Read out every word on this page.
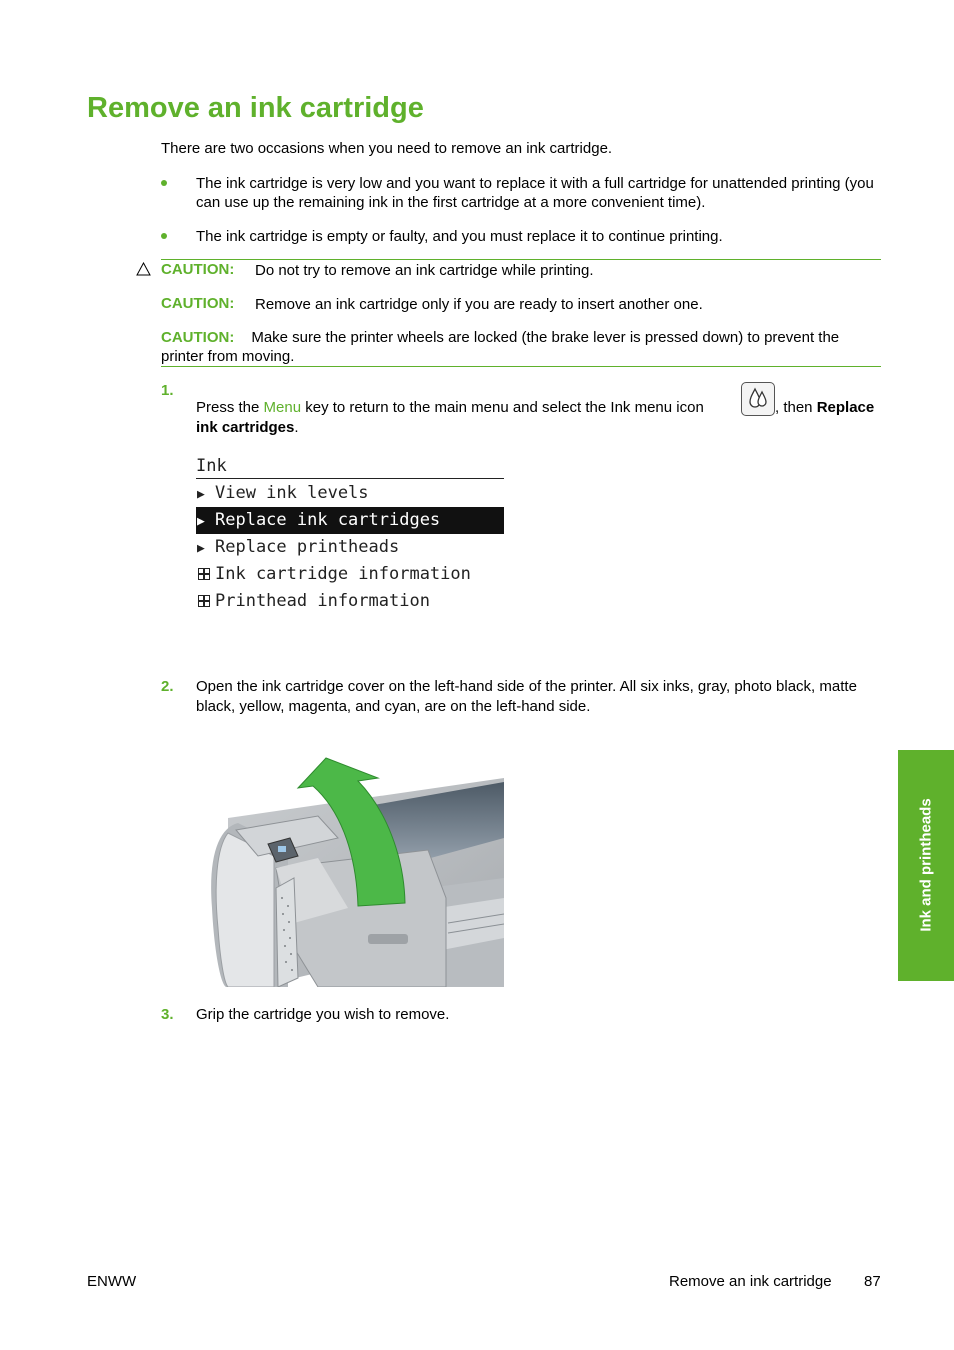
Remove an ink cartridge
There are two occasions when you need to remove an ink cartridge.
The ink cartridge is very low and you want to replace it with a full cartridge for unattended printing (you can use up the remaining ink in the first cartridge at a more convenient time).
The ink cartridge is empty or faulty, and you must replace it to continue printing.
CAUTION: Do not try to remove an ink cartridge while printing.
CAUTION: Remove an ink cartridge only if you are ready to insert another one.
CAUTION: Make sure the printer wheels are locked (the brake lever is pressed down) to prevent the printer from moving.
1.
Press the Menu key to return to the main menu and select the Ink menu icon	, then Replace
ink cartridges.
Ink
▶ View ink levels
▶ Replace ink cartridges
▶ Replace printheads
Ink cartridge information
Printhead information
2. Open the ink cartridge cover on the left-hand side of the printer. All six inks, gray, photo black, matte black, yellow, magenta, and cyan, are on the left-hand side.
3. Grip the cartridge you wish to remove.
Ink and printheads
ENWW	Remove an ink cartridge 87
